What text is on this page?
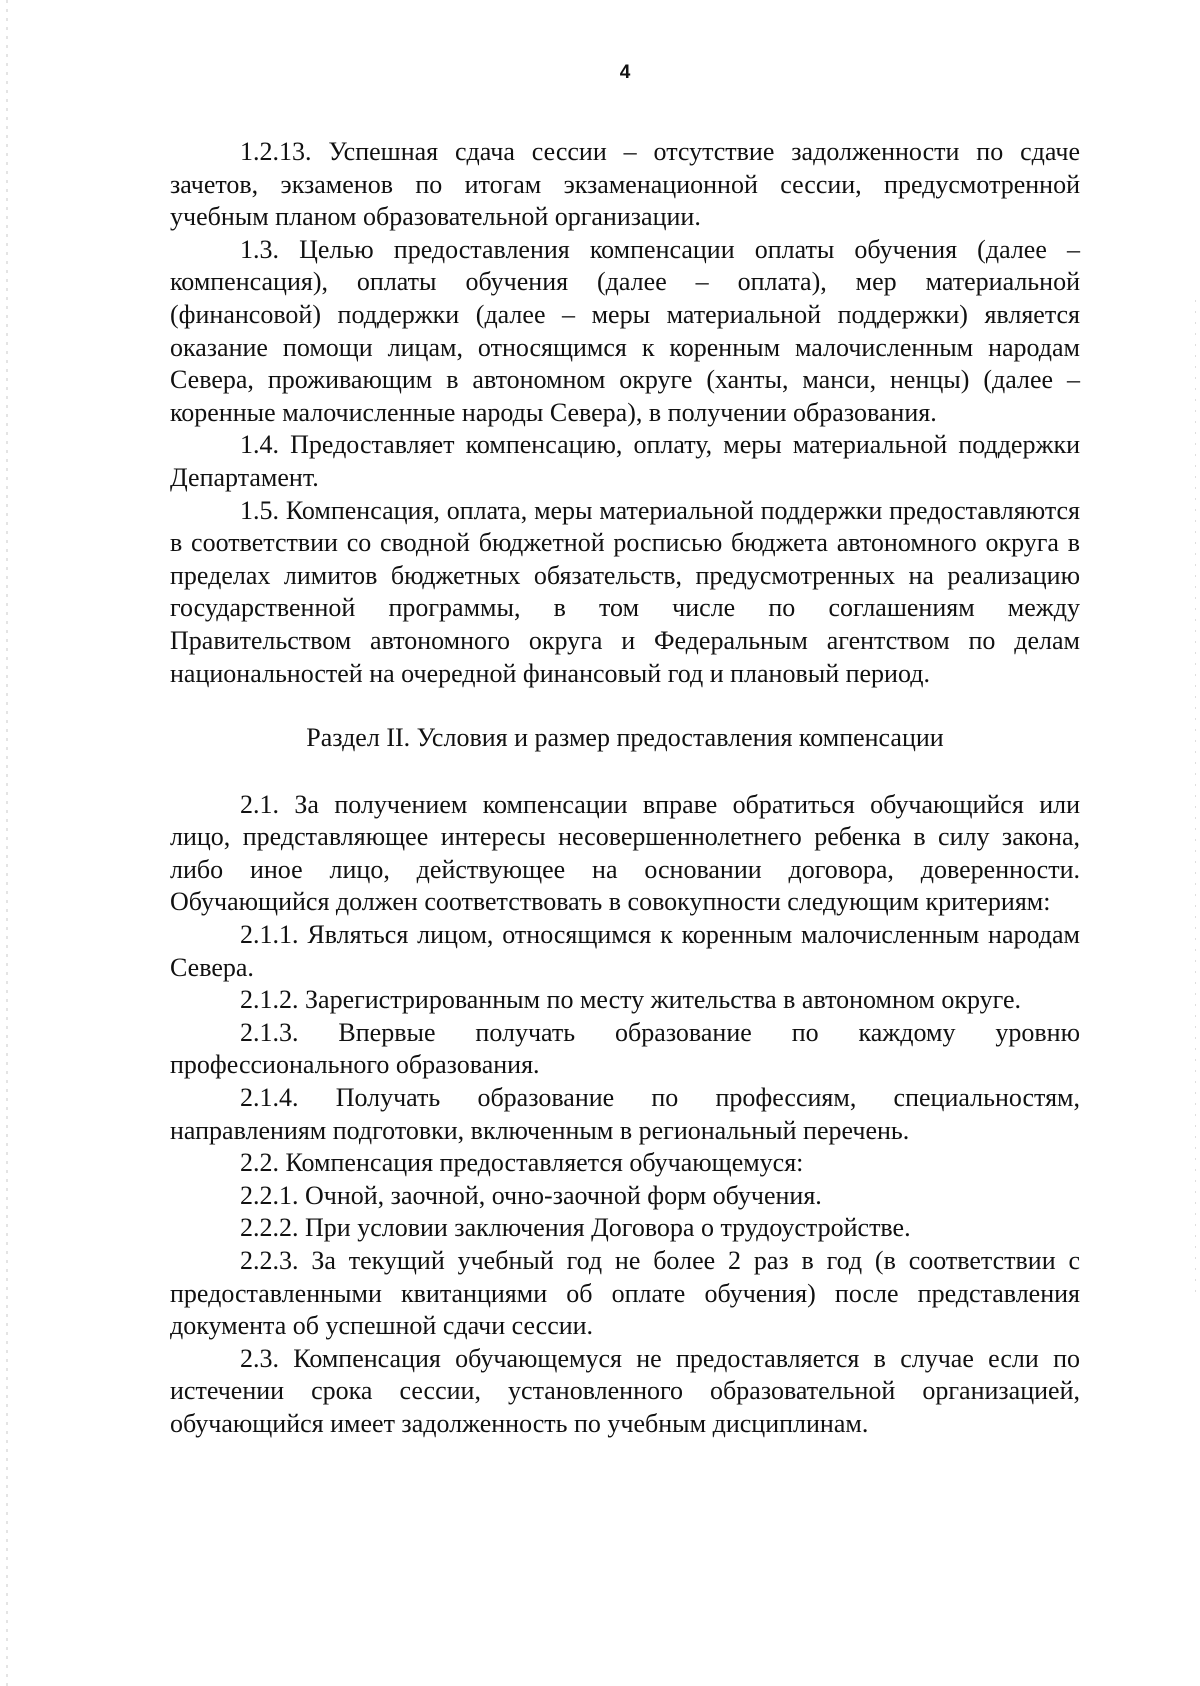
4

1.2.13. Успешная сдача сессии – отсутствие задолженности по сдаче зачетов, экзаменов по итогам экзаменационной сессии, предусмотренной учебным планом образовательной организации.

1.3. Целью предоставления компенсации оплаты обучения (далее – компенсация), оплаты обучения (далее – оплата), мер материальной (финансовой) поддержки (далее – меры материальной поддержки) является оказание помощи лицам, относящимся к коренным малочисленным народам Севера, проживающим в автономном округе (ханты, манси, ненцы) (далее – коренные малочисленные народы Севера), в получении образования.

1.4. Предоставляет компенсацию, оплату, меры материальной поддержки Департамент.

1.5. Компенсация, оплата, меры материальной поддержки предоставляются в соответствии со сводной бюджетной росписью бюджета автономного округа в пределах лимитов бюджетных обязательств, предусмотренных на реализацию государственной программы, в том числе по соглашениям между Правительством автономного округа и Федеральным агентством по делам национальностей на очередной финансовый год и плановый период.

Раздел II. Условия и размер предоставления компенсации

2.1. За получением компенсации вправе обратиться обучающийся или лицо, представляющее интересы несовершеннолетнего ребенка в силу закона, либо иное лицо, действующее на основании договора, доверенности. Обучающийся должен соответствовать в совокупности следующим критериям:

2.1.1. Являться лицом, относящимся к коренным малочисленным народам Севера.

2.1.2. Зарегистрированным по месту жительства в автономном округе.

2.1.3. Впервые получать образование по каждому уровню профессионального образования.

2.1.4. Получать образование по профессиям, специальностям, направлениям подготовки, включенным в региональный перечень.

2.2. Компенсация предоставляется обучающемуся:

2.2.1. Очной, заочной, очно-заочной форм обучения.

2.2.2. При условии заключения Договора о трудоустройстве.

2.2.3. За текущий учебный год не более 2 раз в год (в соответствии с предоставленными квитанциями об оплате обучения) после представления документа об успешной сдачи сессии.

2.3. Компенсация обучающемуся не предоставляется в случае если по истечении срока сессии, установленного образовательной организацией, обучающийся имеет задолженность по учебным дисциплинам.
